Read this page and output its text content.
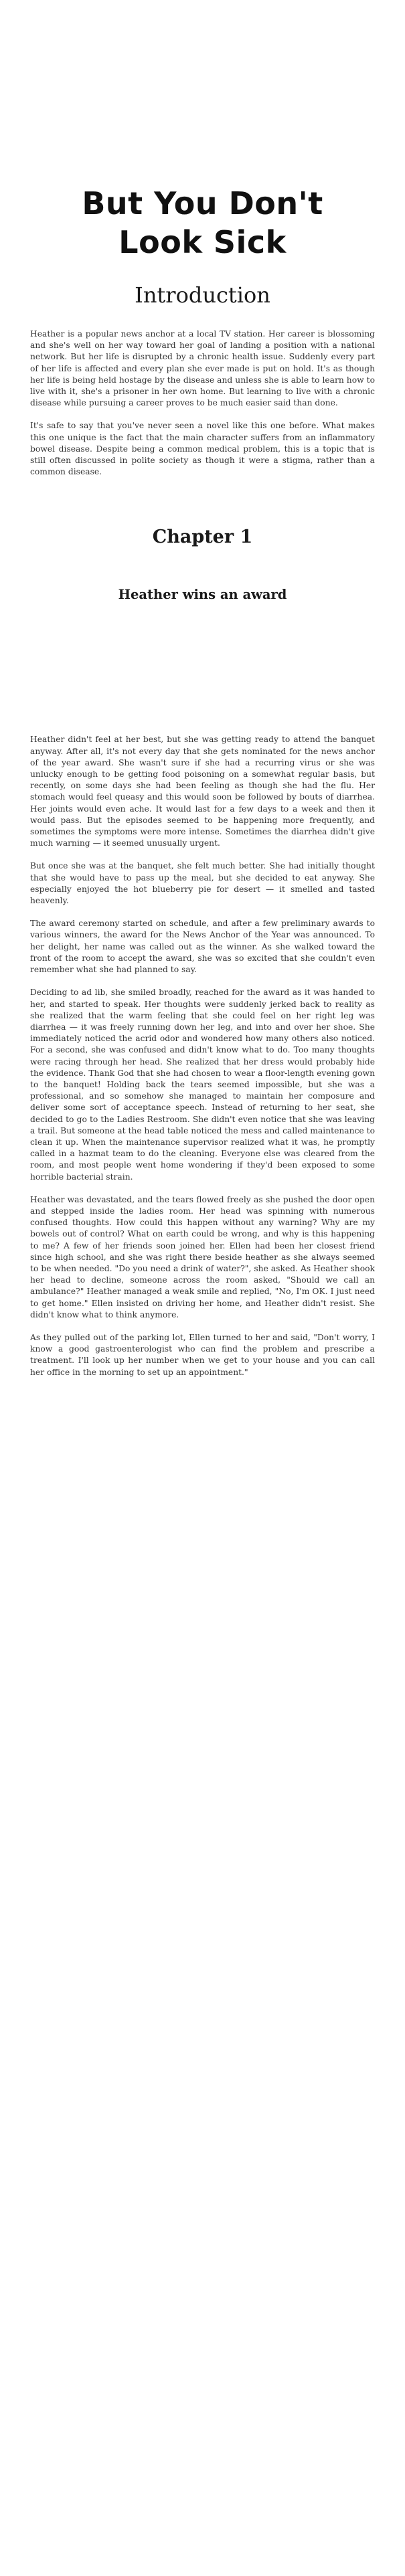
But You Don't Look Sick
Introduction

Heather is a popular news anchor at a local TV station. Her career is blossoming and she's well on her way toward her goal of landing a position with a national network. But her life is disrupted by a chronic health issue. Suddenly every part of her life is affected and every plan she ever made is put on hold. It's as though her life is being held hostage by the disease and unless she is able to learn how to live with it, she's a prisoner in her own home. But learning to live with a chronic disease while pursuing a career proves to be much easier said than done.

It's safe to say that you've never seen a novel like this one before. What makes this one unique is the fact that the main character suffers from an inflammatory bowel disease. Despite being a common medical problem, this is a topic that is still often discussed in polite society as though it were a stigma, rather than a common disease.

Chapter 1
Heather wins an award

Heather didn't feel at her best, but she was getting ready to attend the banquet anyway. After all, it's not every day that she gets nominated for the news anchor of the year award. She wasn't sure if she had a recurring virus or she was unlucky enough to be getting food poisoning on a somewhat regular basis, but recently, on some days she had been feeling as though she had the flu. Her stomach would feel queasy and this would soon be followed by bouts of diarrhea. Her joints would even ache. It would last for a few days to a week and then it would pass. But the episodes seemed to be happening more frequently, and sometimes the symptoms were more intense. Sometimes the diarrhea didn't give much warning — it seemed unusually urgent.

But once she was at the banquet, she felt much better. She had initially thought that she would have to pass up the meal, but she decided to eat anyway. She especially enjoyed the hot blueberry pie for desert — it smelled and tasted heavenly.

The award ceremony started on schedule, and after a few preliminary awards to various winners, the award for the News Anchor of the Year was announced. To her delight, her name was called out as the winner. As she walked toward the front of the room to accept the award, she was so excited that she couldn't even remember what she had planned to say.

Deciding to ad lib, she smiled broadly, reached for the award as it was handed to her, and started to speak. Her thoughts were suddenly jerked back to reality as she realized that the warm feeling that she could feel on her right leg was diarrhea — it was freely running down her leg, and into and over her shoe. She immediately noticed the acrid odor and wondered how many others also noticed. For a second, she was confused and didn't know what to do. Too many thoughts were racing through her head. She realized that her dress would probably hide the evidence. Thank God that she had chosen to wear a floor-length evening gown to the banquet! Holding back the tears seemed impossible, but she was a professional, and so somehow she managed to maintain her composure and deliver some sort of acceptance speech. Instead of returning to her seat, she decided to go to the Ladies Restroom. She didn't even notice that she was leaving a trail. But someone at the head table noticed the mess and called maintenance to clean it up. When the maintenance supervisor realized what it was, he promptly called in a hazmat team to do the cleaning. Everyone else was cleared from the room, and most people went home wondering if they'd been exposed to some horrible bacterial strain.

Heather was devastated, and the tears flowed freely as she pushed the door open and stepped inside the ladies room. Her head was spinning with numerous confused thoughts. How could this happen without any warning? Why are my bowels out of control? What on earth could be wrong, and why is this happening to me? A few of her friends soon joined her. Ellen had been her closest friend since high school, and she was right there beside heather as she always seemed to be when needed. "Do you need a drink of water?", she asked. As Heather shook her head to decline, someone across the room asked, "Should we call an ambulance?" Heather managed a weak smile and replied, "No, I'm OK. I just need to get home." Ellen insisted on driving her home, and Heather didn't resist. She didn't know what to think anymore.

As they pulled out of the parking lot, Ellen turned to her and said, "Don't worry, I know a good gastroenterologist who can find the problem and prescribe a treatment. I'll look up her number when we get to your house and you can call her office in the morning to set up an appointment."
